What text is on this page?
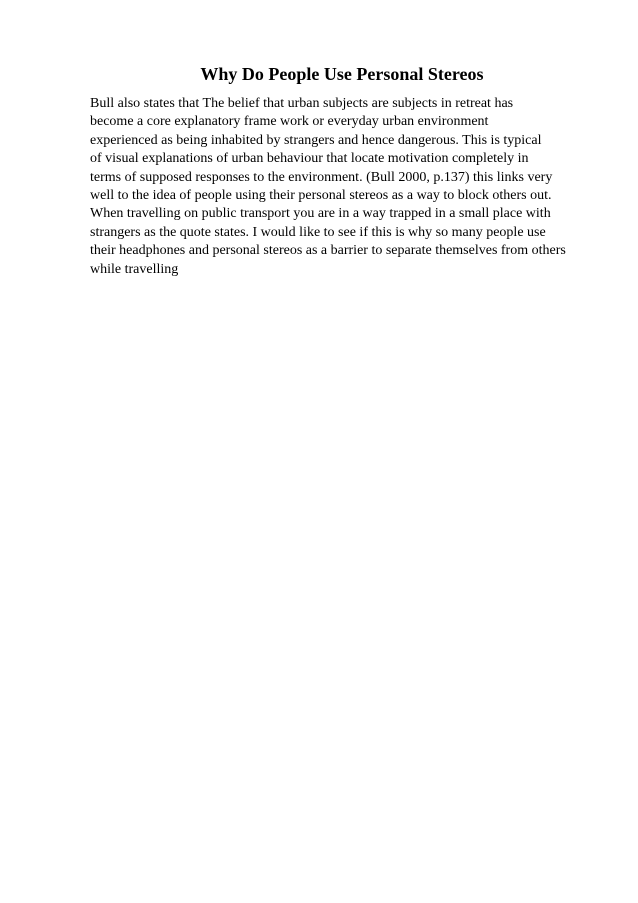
Why Do People Use Personal Stereos
Bull also states that The belief that urban subjects are subjects in retreat has
become a core explanatory frame work or everyday urban environment
experienced as being inhabited by strangers and hence dangerous. This is typical
of visual explanations of urban behaviour that locate motivation completely in
terms of supposed responses to the environment. (Bull 2000, p.137) this links very
well to the idea of people using their personal stereos as a way to block others out.
When travelling on public transport you are in a way trapped in a small place with
strangers as the quote states. I would like to see if this is why so many people use
their headphones and personal stereos as a barrier to separate themselves from others
while travelling
